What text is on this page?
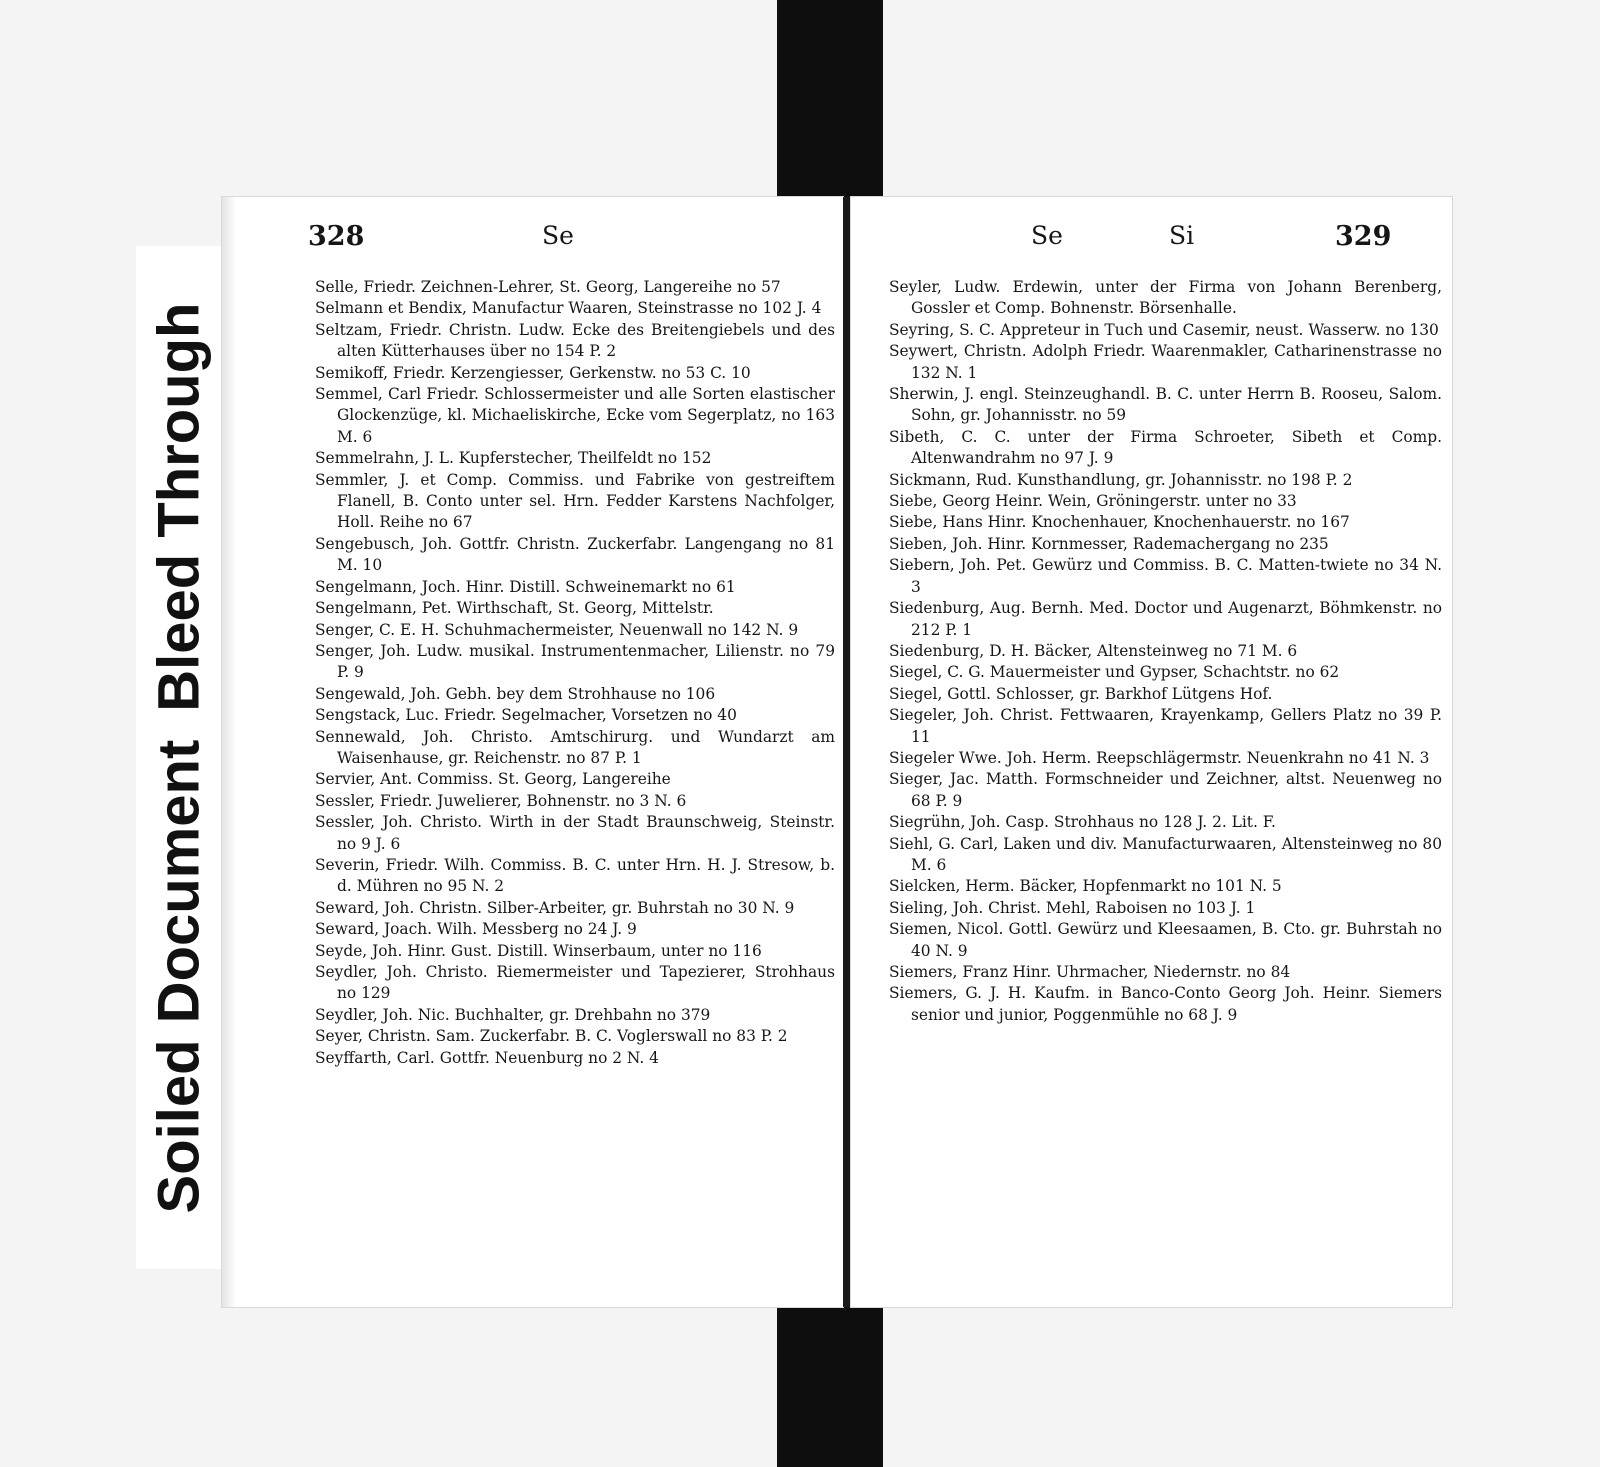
Soiled DocumentBleed Through
328	Se
Selle, Friedr. Zeichnen-Lehrer, St. Georg, Langereihe no 57
Selmann et Bendix, Manufactur Waaren, Steinstrasse no 102 J. 4
Seltzam, Friedr. Christn. Ludw. Ecke des Breitengiebels und des alten Kütterhauses über no 154 P. 2
Semikoff, Friedr. Kerzengiesser, Gerkenstw. no 53 C. 10
Semmel, Carl Friedr. Schlossermeister und alle Sorten elastischer Glockenzüge, kl. Michaeliskirche, Ecke vom Segerplatz, no 163 M. 6
Semmelrahn, J. L. Kupferstecher, Theilfeldt no 152
Semmler, J. et Comp. Commiss. und Fabrike von gestreiftem Flanell, B. Conto unter sel. Hrn. Fedder Karstens Nachfolger, Holl. Reihe no 67
Sengebusch, Joh. Gottfr. Christn. Zuckerfabr. Langengang no 81 M. 10
Sengelmann, Joch. Hinr. Distill. Schweinemarkt no 61
Sengelmann, Pet. Wirthschaft, St. Georg, Mittelstr.
Senger, C. E. H. Schuhmachermeister, Neuenwall no 142 N. 9
Senger, Joh. Ludw. musikal. Instrumentenmacher, Lilienstr. no 79 P. 9
Sengewald, Joh. Gebh. bey dem Strohhause no 106
Sengstack, Luc. Friedr. Segelmacher, Vorsetzen no 40
Sennewald, Joh. Christo. Amtschirurg. und Wundarzt am Waisenhause, gr. Reichenstr. no 87 P. 1
Servier, Ant. Commiss. St. Georg, Langereihe
Sessler, Friedr. Juwelierer, Bohnenstr. no 3 N. 6
Sessler, Joh. Christo. Wirth in der Stadt Braunschweig, Steinstr. no 9 J. 6
Severin, Friedr. Wilh. Commiss. B. C. unter Hrn. H. J. Stresow, b. d. Mühren no 95 N. 2
Seward, Joh. Christn. Silber-Arbeiter, gr. Buhrstah no 30 N. 9
Seward, Joach. Wilh. Messberg no 24 J. 9
Seyde, Joh. Hinr. Gust. Distill. Winserbaum, unter no 116
Seydler, Joh. Christo. Riemermeister und Tapezierer, Strohhaus no 129
Seydler, Joh. Nic. Buchhalter, gr. Drehbahn no 379
Seyer, Christn. Sam. Zuckerfabr. B. C. Voglerswall no 83 P. 2
Seyffarth, Carl. Gottfr. Neuenburg no 2 N. 4
Se	Si	329
Seyler, Ludw. Erdewin, unter der Firma von Johann Berenberg, Gossler et Comp. Bohnenstr. Börsenhalle.
Seyring, S. C. Appreteur in Tuch und Casemir, neust. Wasserw. no 130
Seywert, Christn. Adolph Friedr. Waarenmakler, Catharinenstrasse no 132 N. 1
Sherwin, J. engl. Steinzeughandl. B. C. unter Herrn B. Rooseu, Salom. Sohn, gr. Johannisstr. no 59
Sibeth, C. C. unter der Firma Schroeter, Sibeth et Comp. Altenwandrahm no 97 J. 9
Sickmann, Rud. Kunsthandlung, gr. Johannisstr. no 198 P. 2
Siebe, Georg Heinr. Wein, Gröningerstr. unter no 33
Siebe, Hans Hinr. Knochenhauer, Knochenhauerstr. no 167
Sieben, Joh. Hinr. Kornmesser, Rademachergang no 235
Siebern, Joh. Pet. Gewürz und Commiss. B. C. Matten-twiete no 34 N. 3
Siedenburg, Aug. Bernh. Med. Doctor und Augenarzt, Böhmkenstr. no 212 P. 1
Siedenburg, D. H. Bäcker, Altensteinweg no 71 M. 6
Siegel, C. G. Mauermeister und Gypser, Schachtstr. no 62
Siegel, Gottl. Schlosser, gr. Barkhof Lütgens Hof.
Siegeler, Joh. Christ. Fettwaaren, Krayenkamp, Gellers Platz no 39 P. 11
Siegeler Wwe. Joh. Herm. Reepschlägermstr. Neuenkrahn no 41 N. 3
Sieger, Jac. Matth. Formschneider und Zeichner, altst. Neuenweg no 68 P. 9
Siegrühn, Joh. Casp. Strohhaus no 128 J. 2. Lit. F.
Siehl, G. Carl, Laken und div. Manufacturwaaren, Altensteinweg no 80 M. 6
Sielcken, Herm. Bäcker, Hopfenmarkt no 101 N. 5
Sieling, Joh. Christ. Mehl, Raboisen no 103 J. 1
Siemen, Nicol. Gottl. Gewürz und Kleesaamen, B. Cto. gr. Buhrstah no 40 N. 9
Siemers, Franz Hinr. Uhrmacher, Niedernstr. no 84
Siemers, G. J. H. Kaufm. in Banco-Conto Georg Joh. Heinr. Siemers senior und junior, Poggenmühle no 68 J. 9
